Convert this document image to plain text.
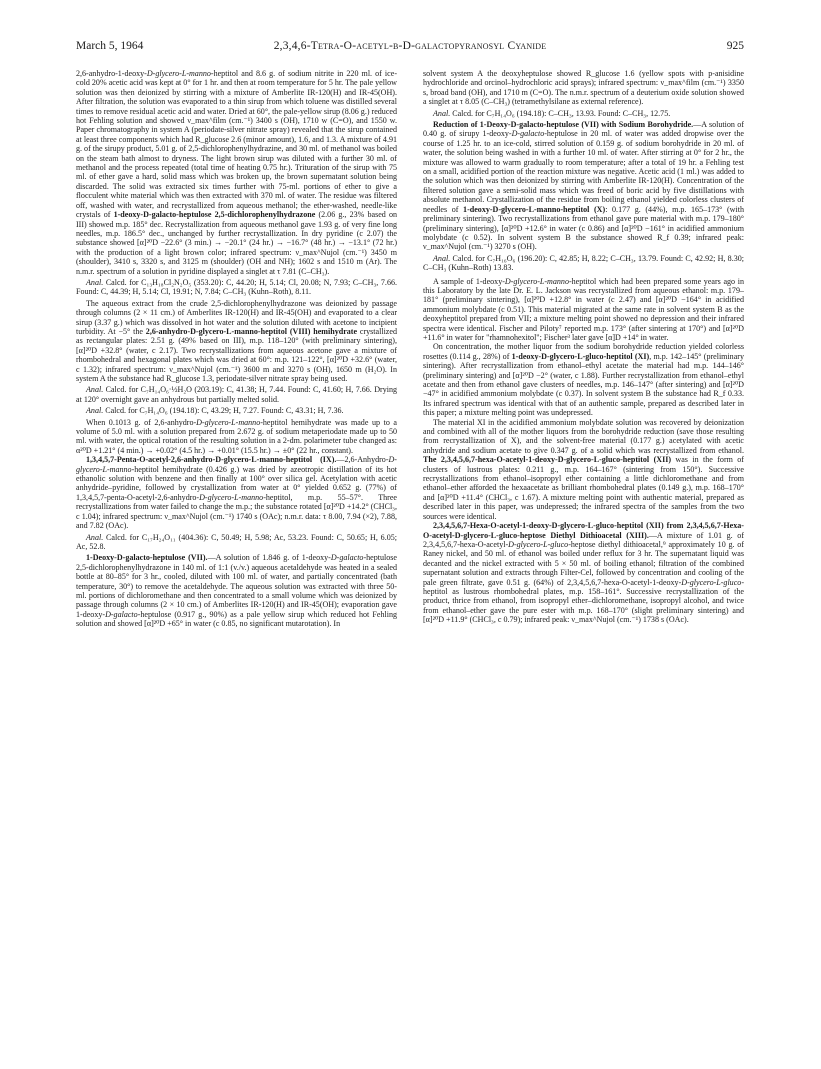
March 5, 1964	2,3,4,6-Tetra-O-acetyl-β-D-galactopyranosyl Cyanide	925

2,6-anhydro-1-deoxy-D-glycero-L-manno-heptitol and 8.6 g. of sodium nitrite in 220 ml. of ice-cold 20% acetic acid was kept at 0° for 1 hr. and then at room temperature for 5 hr. The pale yellow solution was then deionized by stirring with a mixture of Amberlite IR-120(H) and IR-45(OH). After filtration, the solution was evaporated to a thin sirup from which toluene was distilled several times to remove residual acetic acid and water. Dried at 60°, the pale-yellow sirup (8.06 g.) reduced hot Fehling solution and showed ν_max^film (cm.⁻¹) 3400 s (OH), 1710 w (C=O), and 1550 w. Paper chromatography in system A (periodate-silver nitrate spray) revealed that the sirup contained at least three components which had R_glucose 2.6 (minor amount), 1.6, and 1.3. A mixture of 4.91 g. of the sirupy product, 5.01 g. of 2,5-dichlorophenylhydrazine, and 30 ml. of methanol was boiled on the steam bath almost to dryness. The light brown sirup was diluted with a further 30 ml. of methanol and the process repeated (total time of heating 0.75 hr.). Trituration of the sirup with 75 ml. of ether gave a hard, solid mass which was broken up, the brown supernatant solution being discarded. The solid was extracted six times further with 75-ml. portions of ether to give a flocculent white material which was then extracted with 370 ml. of water. The residue was filtered off, washed with water, and recrystallized from aqueous methanol; the ether-washed, needle-like crystals of 1-deoxy-D-galacto-heptulose 2,5-dichlorophenylhydrazone (2.06 g., 23% based on III) showed m.p. 185° dec. Recrystallization from aqueous methanol gave 1.93 g. of very fine long needles, m.p. 186.5° dec., unchanged by further recrystallization. In dry pyridine (c 2.07) the substance showed [α]²⁰D −22.6° (3 min.) → −20.1° (24 hr.) → −16.7° (48 hr.) → −13.1° (72 hr.) with the production of a light brown color; infrared spectrum: ν_max^Nujol (cm.⁻¹) 3450 m (shoulder), 3410 s, 3320 s, and 3125 m (shoulder) (OH and NH); 1602 s and 1510 m (Ar). The n.m.r. spectrum of a solution in pyridine displayed a singlet at τ 7.81 (C–CH₃).

Anal. Calcd. for C₁₃H₁₈Cl₂N₂O₅ (353.20): C, 44.20; H, 5.14; Cl, 20.08; N, 7.93; C–CH₃, 7.66. Found: C, 44.39; H, 5.14; Cl, 19.91; N, 7.84; C–CH₃ (Kuhn–Roth), 8.11.

The aqueous extract from the crude 2,5-dichlorophenylhydrazone was deionized by passage through columns (2 × 11 cm.) of Amberlites IR-120(H) and IR-45(OH) and evaporated to a clear sirup (3.37 g.) which was dissolved in hot water and the solution diluted with acetone to incipient turbidity. At −5° the 2,6-anhydro-D-glycero-L-manno-heptitol (VIII) hemihydrate crystallized as rectangular plates: 2.51 g. (49% based on III), m.p. 118–120° (with preliminary sintering), [α]²⁰D +32.8° (water, c 2.17). Two recrystallizations from aqueous acetone gave a mixture of rhombohedral and hexagonal plates which was dried at 60°: m.p. 121–122°, [α]²⁰D +32.6° (water, c 1.32); infrared spectrum: ν_max^Nujol (cm.⁻¹) 3600 m and 3270 s (OH), 1650 m (H₂O). In system A the substance had R_glucose 1.3, periodate-silver nitrate spray being used.

Anal. Calcd. for C₇H₁₄O₆·½H₂O (203.19): C, 41.38; H, 7.44. Found: C, 41.60; H, 7.66. Drying at 120° overnight gave an anhydrous but partially melted solid.

Anal. Calcd. for C₇H₁₄O₆ (194.18): C, 43.29; H, 7.27. Found: C, 43.31; H, 7.36.

When 0.1013 g. of 2,6-anhydro-D-glycero-L-manno-heptitol hemihydrate was made up to a volume of 5.0 ml. with a solution prepared from 2.672 g. of sodium metaperiodate made up to 50 ml. with water, the optical rotation of the resulting solution in a 2-dm. polarimeter tube changed as: α²⁰D +1.21° (4 min.) → +0.02° (4.5 hr.) → +0.01° (15.5 hr.) → ±0° (22 hr., constant).

1,3,4,5,7-Penta-O-acetyl-2,6-anhydro-D-glycero-L-manno-heptitol (IX).—2,6-Anhydro-D-glycero-L-manno-heptitol hemihydrate (0.426 g.) was dried by azeotropic distillation of its hot ethanolic solution with benzene and then finally at 100° over silica gel. Acetylation with acetic anhydride–pyridine, followed by crystallization from water at 0° yielded 0.652 g. (77%) of 1,3,4,5,7-penta-O-acetyl-2,6-anhydro-D-glycero-L-manno-heptitol, m.p. 55–57°. Three recrystallizations from water failed to change the m.p.; the substance rotated [α]²⁰D +14.2° (CHCl₃, c 1.04); infrared spectrum: ν_max^Nujol (cm.⁻¹) 1740 s (OAc); n.m.r. data: τ 8.00, 7.94 (×2), 7.88, and 7.82 (OAc).

Anal. Calcd. for C₁₇H₂₄O₁₁ (404.36): C, 50.49; H, 5.98; Ac, 53.23. Found: C, 50.65; H, 6.05; Ac, 52.8.

1-Deoxy-D-galacto-heptulose (VII).—A solution of 1.846 g. of 1-deoxy-D-galacto-heptulose 2,5-dichlorophenylhydrazone in 140 ml. of 1:1 (v./v.) aqueous acetaldehyde was heated in a sealed bottle at 80–85° for 3 hr., cooled, diluted with 100 ml. of water, and partially concentrated (bath temperature, 30°) to remove the acetaldehyde. The aqueous solution was extracted with three 50-ml. portions of dichloromethane and then concentrated to a small volume which was deionized by passage through columns (2 × 10 cm.) of Amberlites IR-120(H) and IR-45(OH); evaporation gave 1-deoxy-D-galacto-heptulose (0.917 g., 90%) as a pale yellow sirup which reduced hot Fehling solution and showed [α]²⁰D +65° in water (c 0.85, no significant mutarotation). In

solvent system A the deoxyheptulose showed R_glucose 1.6 (yellow spots with p-anisidine hydrochloride and orcinol–hydrochloric acid sprays); infrared spectrum: ν_max^film (cm.⁻¹) 3350 s, broad band (OH), and 1710 m (C=O). The n.m.r. spectrum of a deuterium oxide solution showed a singlet at τ 8.05 (C–CH₃) (tetramethylsilane as external reference).

Anal. Calcd. for C₇H₁₄O₆ (194.18): C–CH₃, 13.93. Found: C–CH₃, 12.75.

Reduction of 1-Deoxy-D-galacto-heptulose (VII) with Sodium Borohydride.—A solution of 0.40 g. of sirupy 1-deoxy-D-galacto-heptulose in 20 ml. of water was added dropwise over the course of 1.25 hr. to an ice-cold, stirred solution of 0.159 g. of sodium borohydride in 20 ml. of water, the solution being washed in with a further 10 ml. of water. After stirring at 0° for 2 hr., the mixture was allowed to warm gradually to room temperature; after a total of 19 hr. a Fehling test on a small, acidified portion of the reaction mixture was negative. Acetic acid (1 ml.) was added to the solution which was then deionized by stirring with Amberlite IR-120(H). Concentration of the filtered solution gave a semi-solid mass which was freed of boric acid by five distillations with absolute methanol. Crystallization of the residue from boiling ethanol yielded colorless clusters of needles of 1-deoxy-D-glycero-L-manno-heptitol (X): 0.177 g. (44%), m.p. 165–173° (with preliminary sintering). Two recrystallizations from ethanol gave pure material with m.p. 179–180° (preliminary sintering), [α]²⁰D +12.6° in water (c 0.86) and [α]²⁰D −161° in acidified ammonium molybdate (c 0.52). In solvent system B the substance showed R_f 0.39; infrared peak: ν_max^Nujol (cm.⁻¹) 3270 s (OH).

Anal. Calcd. for C₇H₁₆O₆ (196.20): C, 42.85; H, 8.22; C–CH₃, 13.79. Found: C, 42.92; H, 8.30; C–CH₃ (Kuhn–Roth) 13.83.

A sample of 1-deoxy-D-glycero-L-manno-heptitol which had been prepared some years ago in this Laboratory by the late Dr. E. L. Jackson was recrystallized from aqueous ethanol: m.p. 179–181° (preliminary sintering), [α]²⁰D +12.8° in water (c 2.47) and [α]²⁰D −164° in acidified ammonium molybdate (c 0.51). This material migrated at the same rate in solvent system B as the deoxyheptitol prepared from VII; a mixture melting point showed no depression and their infrared spectra were identical. Fischer and Piloty⁷ reported m.p. 173° (after sintering at 170°) and [α]²⁰D +11.6° in water for "rhamnohexitol"; Fischer³ later gave [α]D +14° in water.

On concentration, the mother liquor from the sodium borohydride reduction yielded colorless rosettes (0.114 g., 28%) of 1-deoxy-D-glycero-L-gluco-heptitol (XI), m.p. 142–145° (preliminary sintering). After recrystallization from ethanol–ethyl acetate the material had m.p. 144–146° (preliminary sintering) and [α]²⁰D −2° (water, c 1.88). Further recrystallization from ethanol–ethyl acetate and then from ethanol gave clusters of needles, m.p. 146–147° (after sintering) and [α]²⁰D −47° in acidified ammonium molybdate (c 0.37). In solvent system B the substance had R_f 0.33. Its infrared spectrum was identical with that of an authentic sample, prepared as described later in this paper; a mixture melting point was undepressed.

The material XI in the acidified ammonium molybdate solution was recovered by deionization and combined with all of the mother liquors from the borohydride reduction (save those resulting from recrystallization of X), and the solvent-free material (0.177 g.) acetylated with acetic anhydride and sodium acetate to give 0.347 g. of a solid which was recrystallized from ethanol. The 2,3,4,5,6,7-hexa-O-acetyl-1-deoxy-D-glycero-L-gluco-heptitol (XII) was in the form of clusters of lustrous plates: 0.211 g., m.p. 164–167° (sintering from 150°). Successive recrystallizations from ethanol–isopropyl ether containing a little dichloromethane and from ethanol–ether afforded the hexaacetate as brilliant rhombohedral plates (0.149 g.), m.p. 168–170° and [α]²⁰D +11.4° (CHCl₃, c 1.67). A mixture melting point with authentic material, prepared as described later in this paper, was undepressed; the infrared spectra of the samples from the two sources were identical.

2,3,4,5,6,7-Hexa-O-acetyl-1-deoxy-D-glycero-L-gluco-heptitol (XII) from 2,3,4,5,6,7-Hexa-O-acetyl-D-glycero-L-gluco-heptose Diethyl Dithioacetal (XIII).—A mixture of 1.01 g. of 2,3,4,5,6,7-hexa-O-acetyl-D-glycero-L-gluco-heptose diethyl dithioacetal,⁹ approximately 10 g. of Raney nickel, and 50 ml. of ethanol was boiled under reflux for 3 hr. The supernatant liquid was decanted and the nickel extracted with 5 × 50 ml. of boiling ethanol; filtration of the combined supernatant solution and extracts through Filter-Cel, followed by concentration and cooling of the pale green filtrate, gave 0.51 g. (64%) of 2,3,4,5,6,7-hexa-O-acetyl-1-deoxy-D-glycero-L-gluco-heptitol as lustrous rhombohedral plates, m.p. 158–161°. Successive recrystallization of the product, thrice from ethanol, from isopropyl ether–dichloromethane, isopropyl alcohol, and twice from ethanol–ether gave the pure ester with m.p. 168–170° (slight preliminary sintering) and [α]²⁰D +11.9° (CHCl₃, c 0.79); infrared peak: ν_max^Nujol (cm.⁻¹) 1738 s (OAc).
